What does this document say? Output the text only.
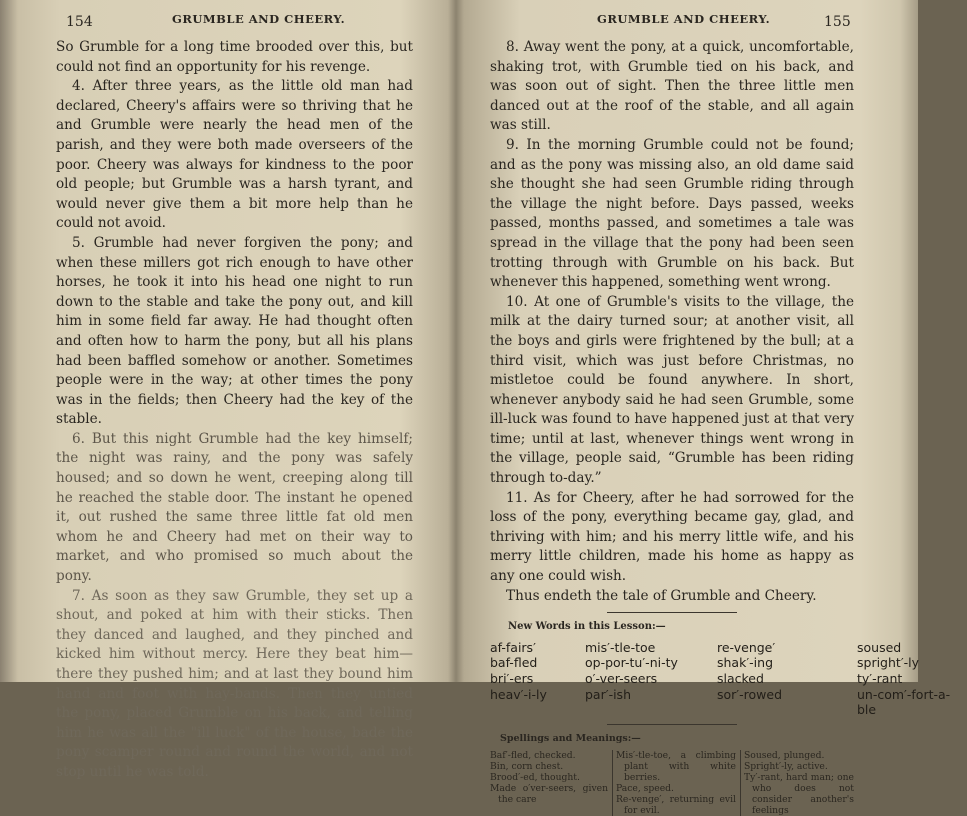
154	GRUMBLE AND CHEERY.

So Grumble for a long time brooded over this, but could not find an opportunity for his revenge.

4. After three years, as the little old man had declared, Cheery's affairs were so thriving that he and Grumble were nearly the head men of the parish, and they were both made overseers of the poor. Cheery was always for kindness to the poor old people; but Grumble was a harsh tyrant, and would never give them a bit more help than he could not avoid.

5. Grumble had never forgiven the pony; and when these millers got rich enough to have other horses, he took it into his head one night to run down to the stable and take the pony out, and kill him in some field far away. He had thought often and often how to harm the pony, but all his plans had been baffled somehow or another. Sometimes people were in the way; at other times the pony was in the fields; then Cheery had the key of the stable.

6. But this night Grumble had the key himself; the night was rainy, and the pony was safely housed; and so down he went, creeping along till he reached the stable door. The instant he opened it, out rushed the same three little fat old men whom he and Cheery had met on their way to market, and who promised so much about the pony.

7. As soon as they saw Grumble, they set up a shout, and poked at him with their sticks. Then they danced and laughed, and they pinched and kicked him without mercy. Here they beat him—there they pushed him; and at last they bound him hand and foot with hay-bands. Then they untied the pony, placed Grumble on his back, and telling him he was all the "ill luck" of the house, bade the pony scamper round and round the world, and not stop until he was told.

GRUMBLE AND CHEERY.	155

8. Away went the pony, at a quick, uncomfortable, shaking trot, with Grumble tied on his back, and was soon out of sight. Then the three little men danced out at the roof of the stable, and all again was still.

9. In the morning Grumble could not be found; and as the pony was missing also, an old dame said she thought she had seen Grumble riding through the village the night before. Days passed, weeks passed, months passed, and sometimes a tale was spread in the village that the pony had been seen trotting through with Grumble on his back. But whenever this happened, something went wrong.

10. At one of Grumble's visits to the village, the milk at the dairy turned sour; at another visit, all the boys and girls were frightened by the bull; at a third visit, which was just before Christmas, no mistletoe could be found anywhere. In short, whenever anybody said he had seen Grumble, some ill-luck was found to have happened just at that very time; until at last, whenever things went wrong in the village, people said, “Grumble has been riding through to-day.”

11. As for Cheery, after he had sorrowed for the loss of the pony, everything became gay, glad, and thriving with him; and his merry little wife, and his merry little children, made his home as happy as any one could wish.

Thus endeth the tale of Grumble and Cheery.

New Words in this Lesson:—
af-fairs′	mis′-tle-toe	re-venge′	soused
baf-fled	op-por-tu′-ni-ty	shak′-ing	spright′-ly
bri′-ers	o′-ver-seers	slacked	ty′-rant
heav′-i-ly	par′-ish	sor′-rowed	un-com′-fort-a-ble
Spellings and Meanings:—
Baf′-fled, checked.
Bin, corn chest.
Brood′-ed, thought.
Made o′ver-seers, given the care
Mis′-tle-toe, a climbing plant with white berries.
Pace, speed.
Re-venge′, returning evil for evil.
Soused, plunged.
Spright′-ly, active.
Ty′-rant, hard man; one who does not consider another's feelings
